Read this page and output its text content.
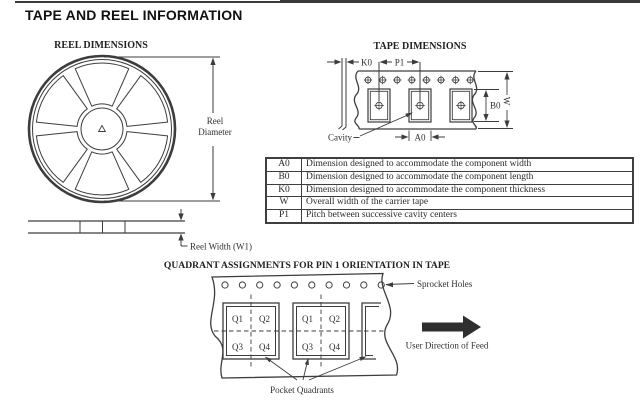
TAPE AND REEL INFORMATION
REEL DIMENSIONS
Reel
Diameter
Reel Width (W1)
TAPE DIMENSIONS
K0	P1
B0 W
Cavity	A0
QUADRANT ASSIGNMENTS FOR PIN 1 ORIENTATION IN TAPE
Q1 Q2
Q3 Q4
Q1 Q2
Q3 Q4
Sprocket Holes
Pocket Quadrants
User Direction of Feed
A0	Dimension designed to accommodate the component width
B0	Dimension designed to accommodate the component length
K0	Dimension designed to accommodate the component thickness
W	Overall width of the carrier tape
P1	Pitch between successive cavity centers
